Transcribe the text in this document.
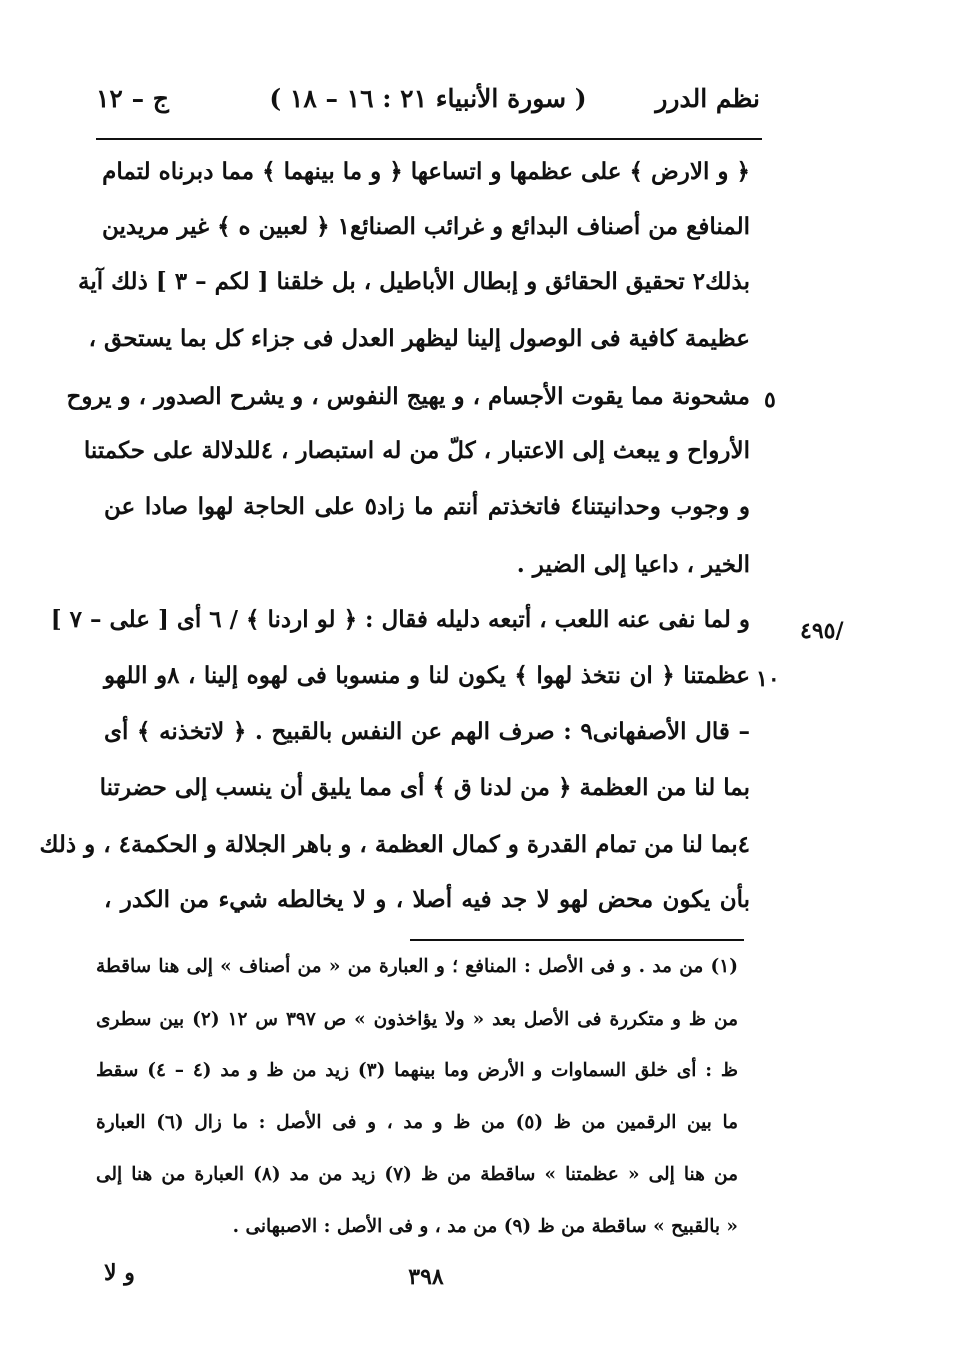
نظم الدرر
( سورة الأنبياء ٢١ : ١٦ – ١٨ )
ج – ١٢
﴿ و الارض ﴾ على عظمها و اتساعها ﴿ و ما بينهما ﴾ مما دبرناه لتمام
المنافع من أصناف البدائع و غرائب الصنائع١ ﴿ لعبين ه ﴾ غير مريدين
بذلك٢ تحقيق الحقائق و إبطال الأباطيل ، بل خلقنا [ لكم – ٣ ] ذلك آية
عظيمة كافية فى الوصول إلينا ليظهر العدل فى جزاء كل بما يستحق ،
مشحونة مما يقوت الأجسام ، و يهيج النفوس ، و يشرح الصدور ، و يروح
الأرواح و يبعث إلى الاعتبار ، كلّ من له استبصار ، ٤للدلالة على حكمتنا
و وجوب وحدانيتنا٤ فاتخذتم أنتم ما زاد٥ على الحاجة لهوا صادا عن
الخير ، داعيا إلى الضير .
و لما نفى عنه اللعب ، أتبعه دليله فقال : ﴿ لو اردنا ﴾ / ٦ أى [ على – ٧ ]
عظمتنا ﴿ ان نتخذ لهوا ﴾ يكون لنا و منسوبا فى لهوه إلينا ، ٨و اللهو
– قال الأصفهانى٩ : صرف الهم عن النفس بالقبيح . ﴿ لاتخذنه ﴾ أى
بما لنا من العظمة ﴿ من لدنا ق ﴾ أى مما يليق أن ينسب إلى حضرتنا
٤بما لنا من تمام القدرة و كمال العظمة ، و باهر الجلالة و الحكمة٤ ، و ذلك
بأن يكون محض لهو لا جد فيه أصلا ، و لا يخالطه شيء من الكدر ،
٥
٤٩٥/
١٠
(١) من مد . و فى الأصل : المنافع ؛ و العبارة من « من أصناف » إلى هنا ساقطة
من ظ و متكررة فى الأصل بعد « ولا يؤاخذون » ص ٣٩٧ س ١٢ (٢) بين سطرى
ظ : أى خلق السماوات و الأرض وما بينهما (٣) زيد من ظ و مد (٤ – ٤) سقط
ما بين الرقمين من ظ (٥) من ظ و مد ، و فى الأصل : ما زال (٦) العبارة
من هنا إلى « عظمتنا » ساقطة من ظ (٧) زيد من مد (٨) العبارة من هنا إلى
« بالقبيح » ساقطة من ظ (٩) من مد ، و فى الأصل : الاصبهانى .
٣٩٨
و لا
